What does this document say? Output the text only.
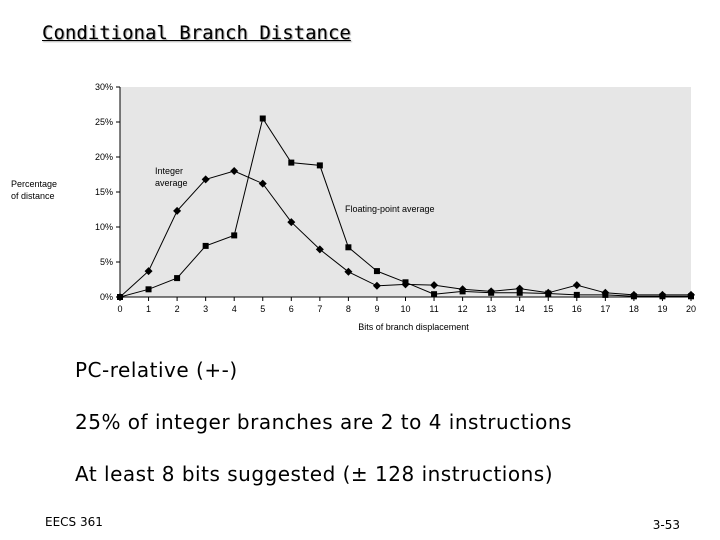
Conditional Branch Distance
0%
5%
10%
15%
20%
25%
30%
0	1	2	3	4	5	6	7	8	9 10 11 12 13 14 15 16 17 18 19 20
Bits of branch displacement
Percentage
of distance
Integer
average
Floating-point average
PC-relative (+-)
25% of integer branches are 2 to 4 instructions
At least 8 bits suggested (± 128 instructions)
EECS 361	3-53
